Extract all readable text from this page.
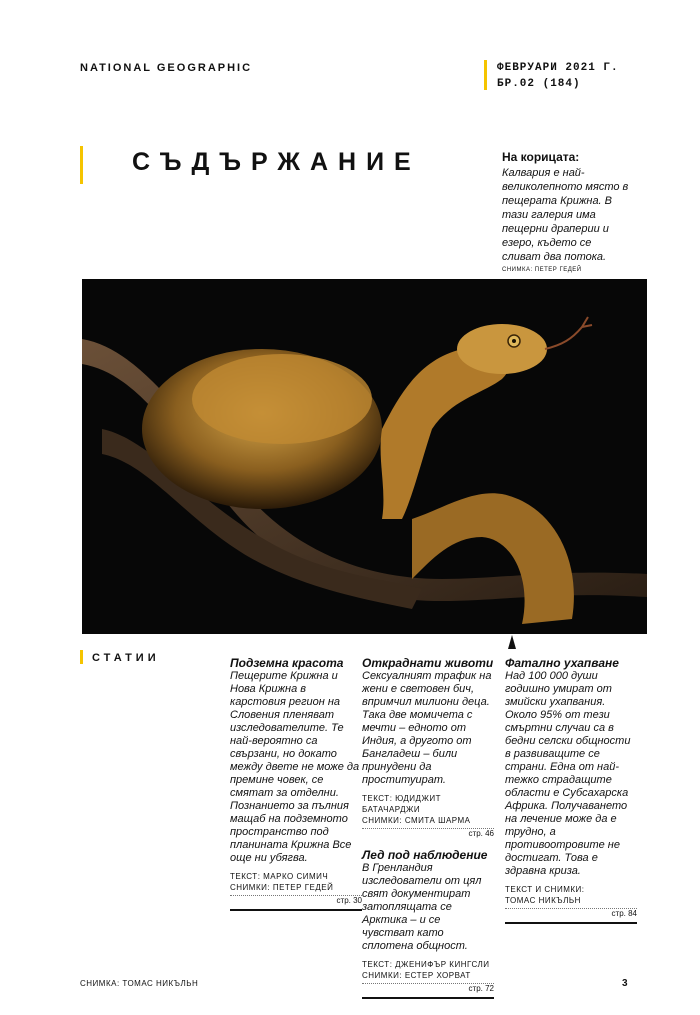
NATIONAL GEOGRAPHIC	ФЕВРУАРИ 2021 Г.
БР.02 (184)
СЪДЪРЖАНИЕ	На корицата:
Калвария е най-великолепното място в пещерата Крижна. В тази галерия има пещерни драперии и езеро, където се сливат два потока.
СНИМКА: ПЕТЕР ГЕДЕЙ
СТАТИИ	Подземна красота
Пещерите Крижна и Нова Крижна в карстовия регион на Словения пленяват изследователите. Те най-вероятно са свързани, но докато между двете не може да премине човек, се смятат за отделни. Познанието за пълния мащаб на подземното пространство под планината Крижна Все още ни убягва.
ТЕКСТ: МАРКО СИМИЧ
СНИМКИ: ПЕТЕР ГЕДЕЙ
стр. 30
Откраднати животи
Сексуалният трафик на жени е световен бич, впримчил милиони деца. Така две момичета с мечти – едното от Индия, а другото от Бангладеш – били принудени да проституират.
ТЕКСТ: ЮДИДЖИТ БАТАЧАРДЖИ
СНИМКИ: СМИТА ШАРМА
стр. 46
Лед под наблюдение
В Гренландия изследователи от цял свят документират затоплящата се Арктика – и се чувстват като сплотена общност.
ТЕКСТ: ДЖЕНИФЪР КИНГСЛИ
СНИМКИ: ЕСТЕР ХОРВАТ
стр. 72
Фатално ухапване
Над 100 000 души годишно умират от змийски ухапвания. Около 95% от тези смъртни случаи са в бедни селски общности в развиващите се страни. Една от най-тежко страдащите области е Субсахарска Африка. Получаването на лечение може да е трудно, а противоотровите не достигат. Това е здравна криза.
ТЕКСТ И СНИМКИ:
ТОМАС НИКЪЛЬН
стр. 84
СНИМКА: ТОМАС НИКЪЛЬН	3
